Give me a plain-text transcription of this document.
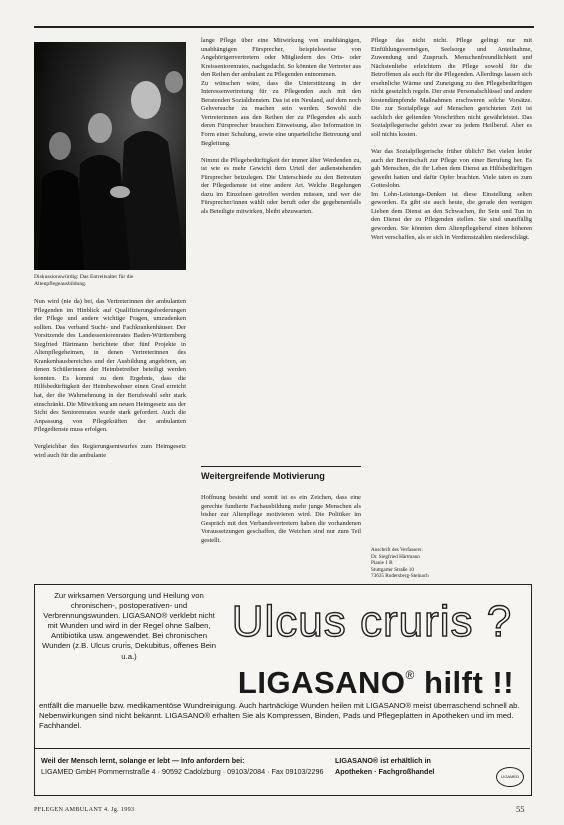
Diskussionswürdig: Das Entreitsalter für die Altenpflegeausbildung.
Nun wird (nie da) bei, das Vertreterinnen der ambulanten Pflegenden im Hinblick auf Qualifizierungsforderungen der Pflege und andere wichtige Fragen, umzudenken sollten. Das verband Sucht- und Fachkrankenhäuser. Der Vorsitzende des Landesseniorenrates Baden-Württemberg Siegfried Härtmann berichtete über fünf Projekte in Altenpflegeheimen, in denen Vertreterinnen des Krankenhausbereiches und der Ausbildung angehören, an denen Schülerinnen der Heimbetreiber beteiligt werden konnten. Es kommt zu dem Ergebnis, dass die Hilfsbedürftigkeit der Heimbewohner einen Grad erreicht hat, der die Wahrnehmung in der Berufswahl sehr stark einschränkt. Die Mitwirkung am neuen Heimgesetz aus der Sicht des Seniorenrates wurde stark gefordert. Auch die Anpassung von Pflegekräften der ambulanten Pflegedienste muss erfolgen.

Vergleichbar des Regierungsentwurfes zum Heimgesetz wird auch für die ambulante
lange Pflege über eine Mitwirkung von unabhängigen, unabhängigen Fürsprecher, beispielsweise von Angehörigenvertretern oder Mitgliedern des Orts- oder Kreisseniorenrates, nachgedacht. So könnten die Vertreter aus den Reihen der ambulant zu Pflegenden entnommen.
Zu wünschen wäre, dass die Unterstützung in der Interessenvertretung für zu Pflegenden auch mit den Beratenden Sozialdiensten. Das ist ein Neuland, auf dem noch Gehversuche zu machen sein werden. Sowohl die Vertreterinnen aus den Reihen der zu Pflegenden als auch deren Fürsprecher brauchen Einweisung, also Information in Form einer Schulung, sowie eine unparteiliche Betreuung und Begleitung.

Nimmt die Pflegebedürftigkeit der immer älter Werdenden zu, ist wie es mehr Gewicht dem Urteil der außenstehenden Fürsprecher beizulegen. Die Unterschiede zu den Betreuten der Pflegedienste ist eine andere Art. Welche Regelungen dazu im Einzelnen getroffen werden müssen, und wer die Fürsprecher/innen wählt oder beruft oder die gegebenenfalls als Beteiligte mitwirken, bleibt abzuwarten.
Weitergreifende Motivierung
Hoffnung besteht und somit ist es ein Zeichen, dass eine gerechte fundierte Fachausbildung mehr junge Menschen als bisher zur Altenpflege motivieren wird. Die Politiker im Gespräch mit den Verbandsvertretern haben die vorhandenen Voraussetzungen geschaffen, die Weichen sind nur zum Teil gestellt.
Pflege das nicht nicht. Pflege gelingt nur mit Einfühlungsvermögen, Seelsorge und Anteilnahme, Zuwendung und Zuspruch. Menschenfreundlichkeit und Nächstenliebe erleichtern die Pflege sowohl für die Betroffenen als auch für die Pflegenden. Allerdings lassen sich ersehnliche Wärme und Zuneigung zu den Pflegebedürftigen nicht gesetzlich regeln. Der erste Personalschlüssel und andere kostendämpfende Maßnahmen erschweren solche Vorsätze. Die zur Sozialpflege auf Menschen gerichteten Zeit ist sachlich der geltenden Vorschriften nicht gewährleistet. Das Sozialpflegerische gehört zwar zu jedem Heilberuf. Aber es soll nichts kosten.

War das Sozialpflegerische früher üblich? Bei vielen leider auch der Bereitschaft zur Pflege von einer Berufung her. Es gab Menschen, die ihr Leben dem Dienst an Hilfsbedürftigen geweiht hatten und dafür Opfer brachten. Viele taten es zum Gotteslohn.
Im Lohn-Leistungs-Denken ist diese Einstellung selten geworden. Es gibt sie auch heute, die gerade den wenigen Lieben dem Dienst an den Schwachen, ihr Sein und Tun in den Dienst der zu Pflegenden stellen. Sie sind unauffällig geworden. Sie könnten dem Altenpflegeberuf einen höheren Wert verschaffen, als er sich in Verdienstzahlen niederschlägt.
Anschrift des Verfassers:
Dr. Siegfried Härtmann
Planie 1 B
Stuttgarter Straße 10
73635 Rudersberg-Steinach
Zur wirksamen Versorgung und Heilung von chronischen-, postoperativen- und Verbrennungswunden. LIGASANO® verklebt nicht mit Wunden und wird in der Regel ohne Salben, Antibiotika usw. angewendet. Bei chronischen Wunden (z.B. Ulcus cruris, Dekubitus, offenes Bein u.a.)
Ulcus cruris ?
LIGASANO® hilft !!
entfällt die manuelle bzw. medikamentöse Wundreinigung. Auch hartnäckige Wunden heilen mit LIGASANO® meist überraschend schnell ab. Nebenwirkungen sind nicht bekannt. LIGASANO® erhalten Sie als Kompressen, Binden, Pads und Pflegeplatten in Apotheken und im med. Fachhandel.
Weil der Mensch lernt, solange er lebt — Info anfordern bei:
LIGAMED GmbH Pommernstraße 4 · 90592 Cadolzburg · 09103/2084 · Fax 09103/2296
LIGASANO® ist erhältlich in
Apotheken · Fachgroßhandel
LIGAMED
PFLEGEN AMBULANT 4. Jg. 1993	55
